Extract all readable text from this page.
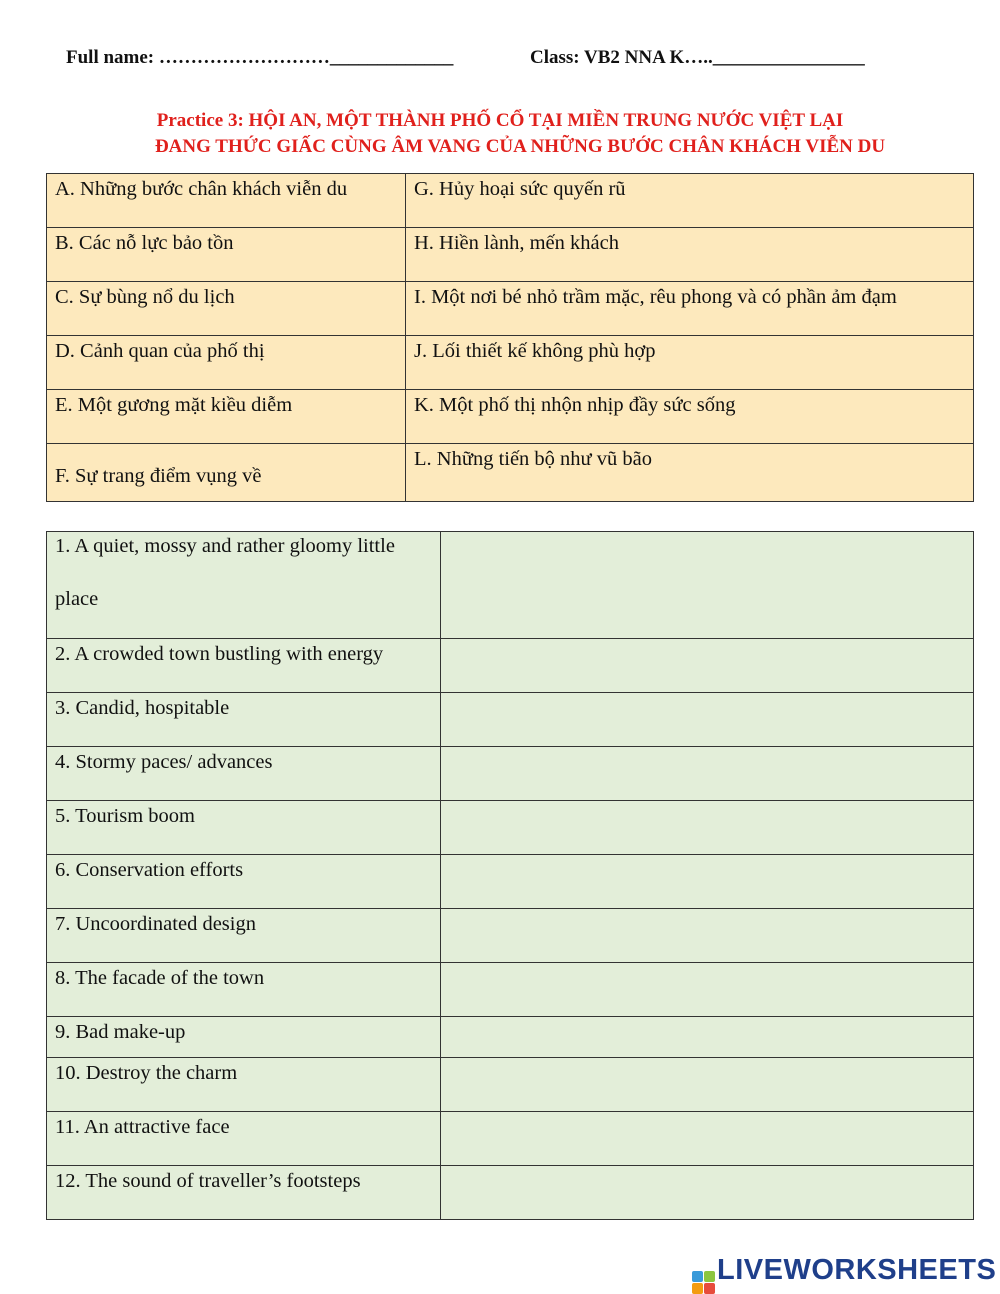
Full name: ………………………_____________	Class: VB2 NNA K…..________________
Practice 3: HỘI AN, MỘT THÀNH PHỐ CỔ TẠI MIỀN TRUNG NƯỚC VIỆT LẠI
ĐANG THỨC GIẤC CÙNG ÂM VANG CỦA NHỮNG BƯỚC CHÂN KHÁCH VIỄN DU
A. Những bước chân khách viễn du	G. Hủy hoại sức quyến rũ
B. Các nỗ lực bảo tồn	H. Hiền lành, mến khách
C. Sự bùng nổ du lịch	I. Một nơi bé nhỏ trầm mặc, rêu phong và có phần ảm đạm
D. Cảnh quan của phố thị	J. Lối thiết kế không phù hợp
E. Một gương mặt kiều diễm	K. Một phố thị nhộn nhịp đầy sức sống
F. Sự trang điểm vụng về	L. Những tiến bộ như vũ bão
1. A quiet, mossy and rather gloomy little place	

2. A crowded town bustling with energy	
3. Candid, hospitable	
4. Stormy paces/ advances	
5. Tourism boom	
6. Conservation efforts	
7. Uncoordinated design	
8. The facade of the town	
9. Bad make-up	
10. Destroy the charm	
11. An attractive face	
12. The sound of traveller’s footsteps	
LIVEWORKSHEETS
